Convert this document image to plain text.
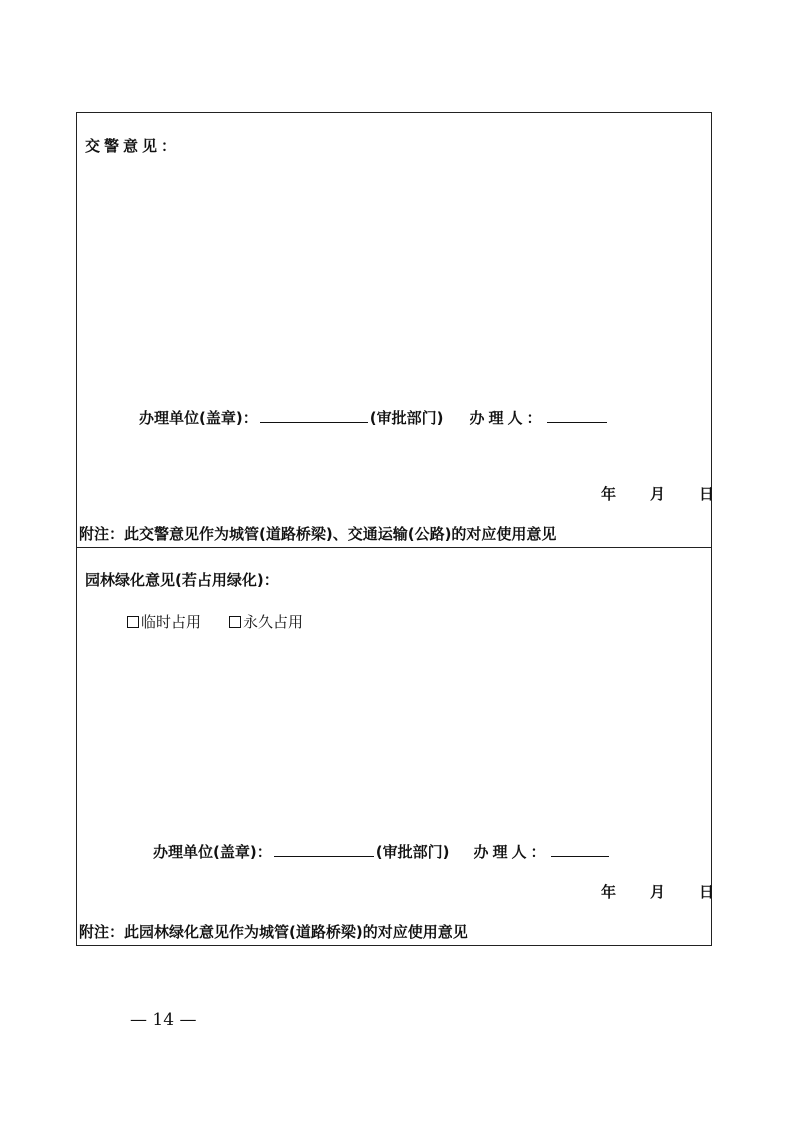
交警意见：
办理单位(盖章)：	(审批部门) 办理人：
年 月 日
附注：此交警意见作为城管(道路桥梁)、交通运输(公路)的对应使用意见
园林绿化意见(若占用绿化)：
临时占用	永久占用
办理单位(盖章)：	(审批部门) 办理人：
年 月 日
附注：此园林绿化意见作为城管(道路桥梁)的对应使用意见
— 14 —
